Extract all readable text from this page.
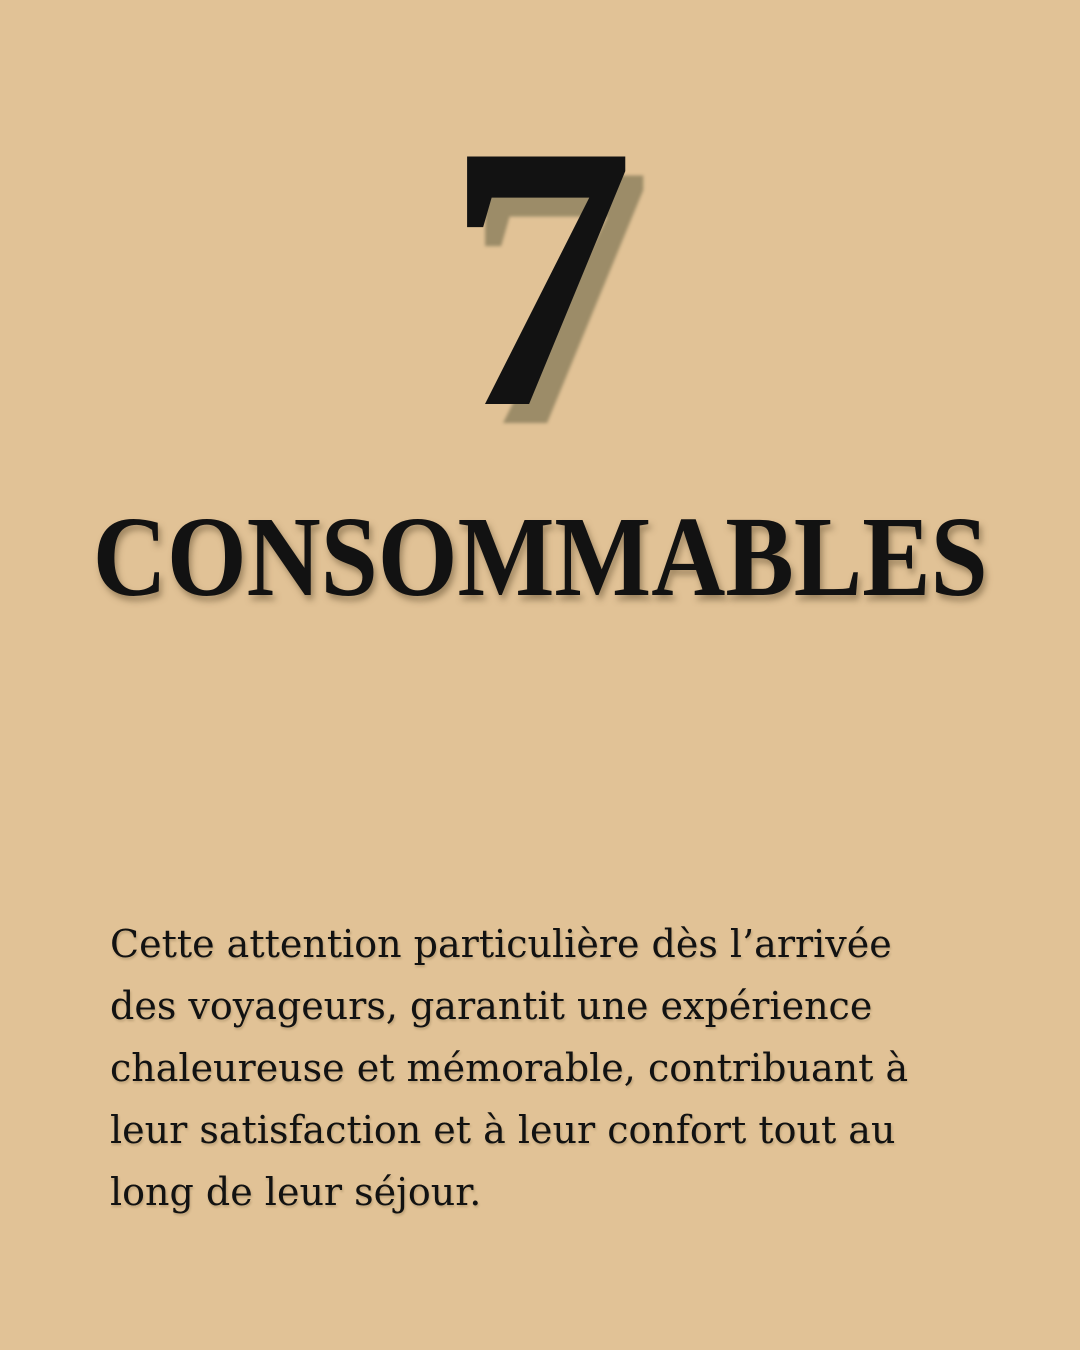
7
CONSOMMABLES

Cette attention particulière dès l’arrivée
des voyageurs, garantit une expérience
chaleureuse et mémorable, contribuant à
leur satisfaction et à leur confort tout au
long de leur séjour.
